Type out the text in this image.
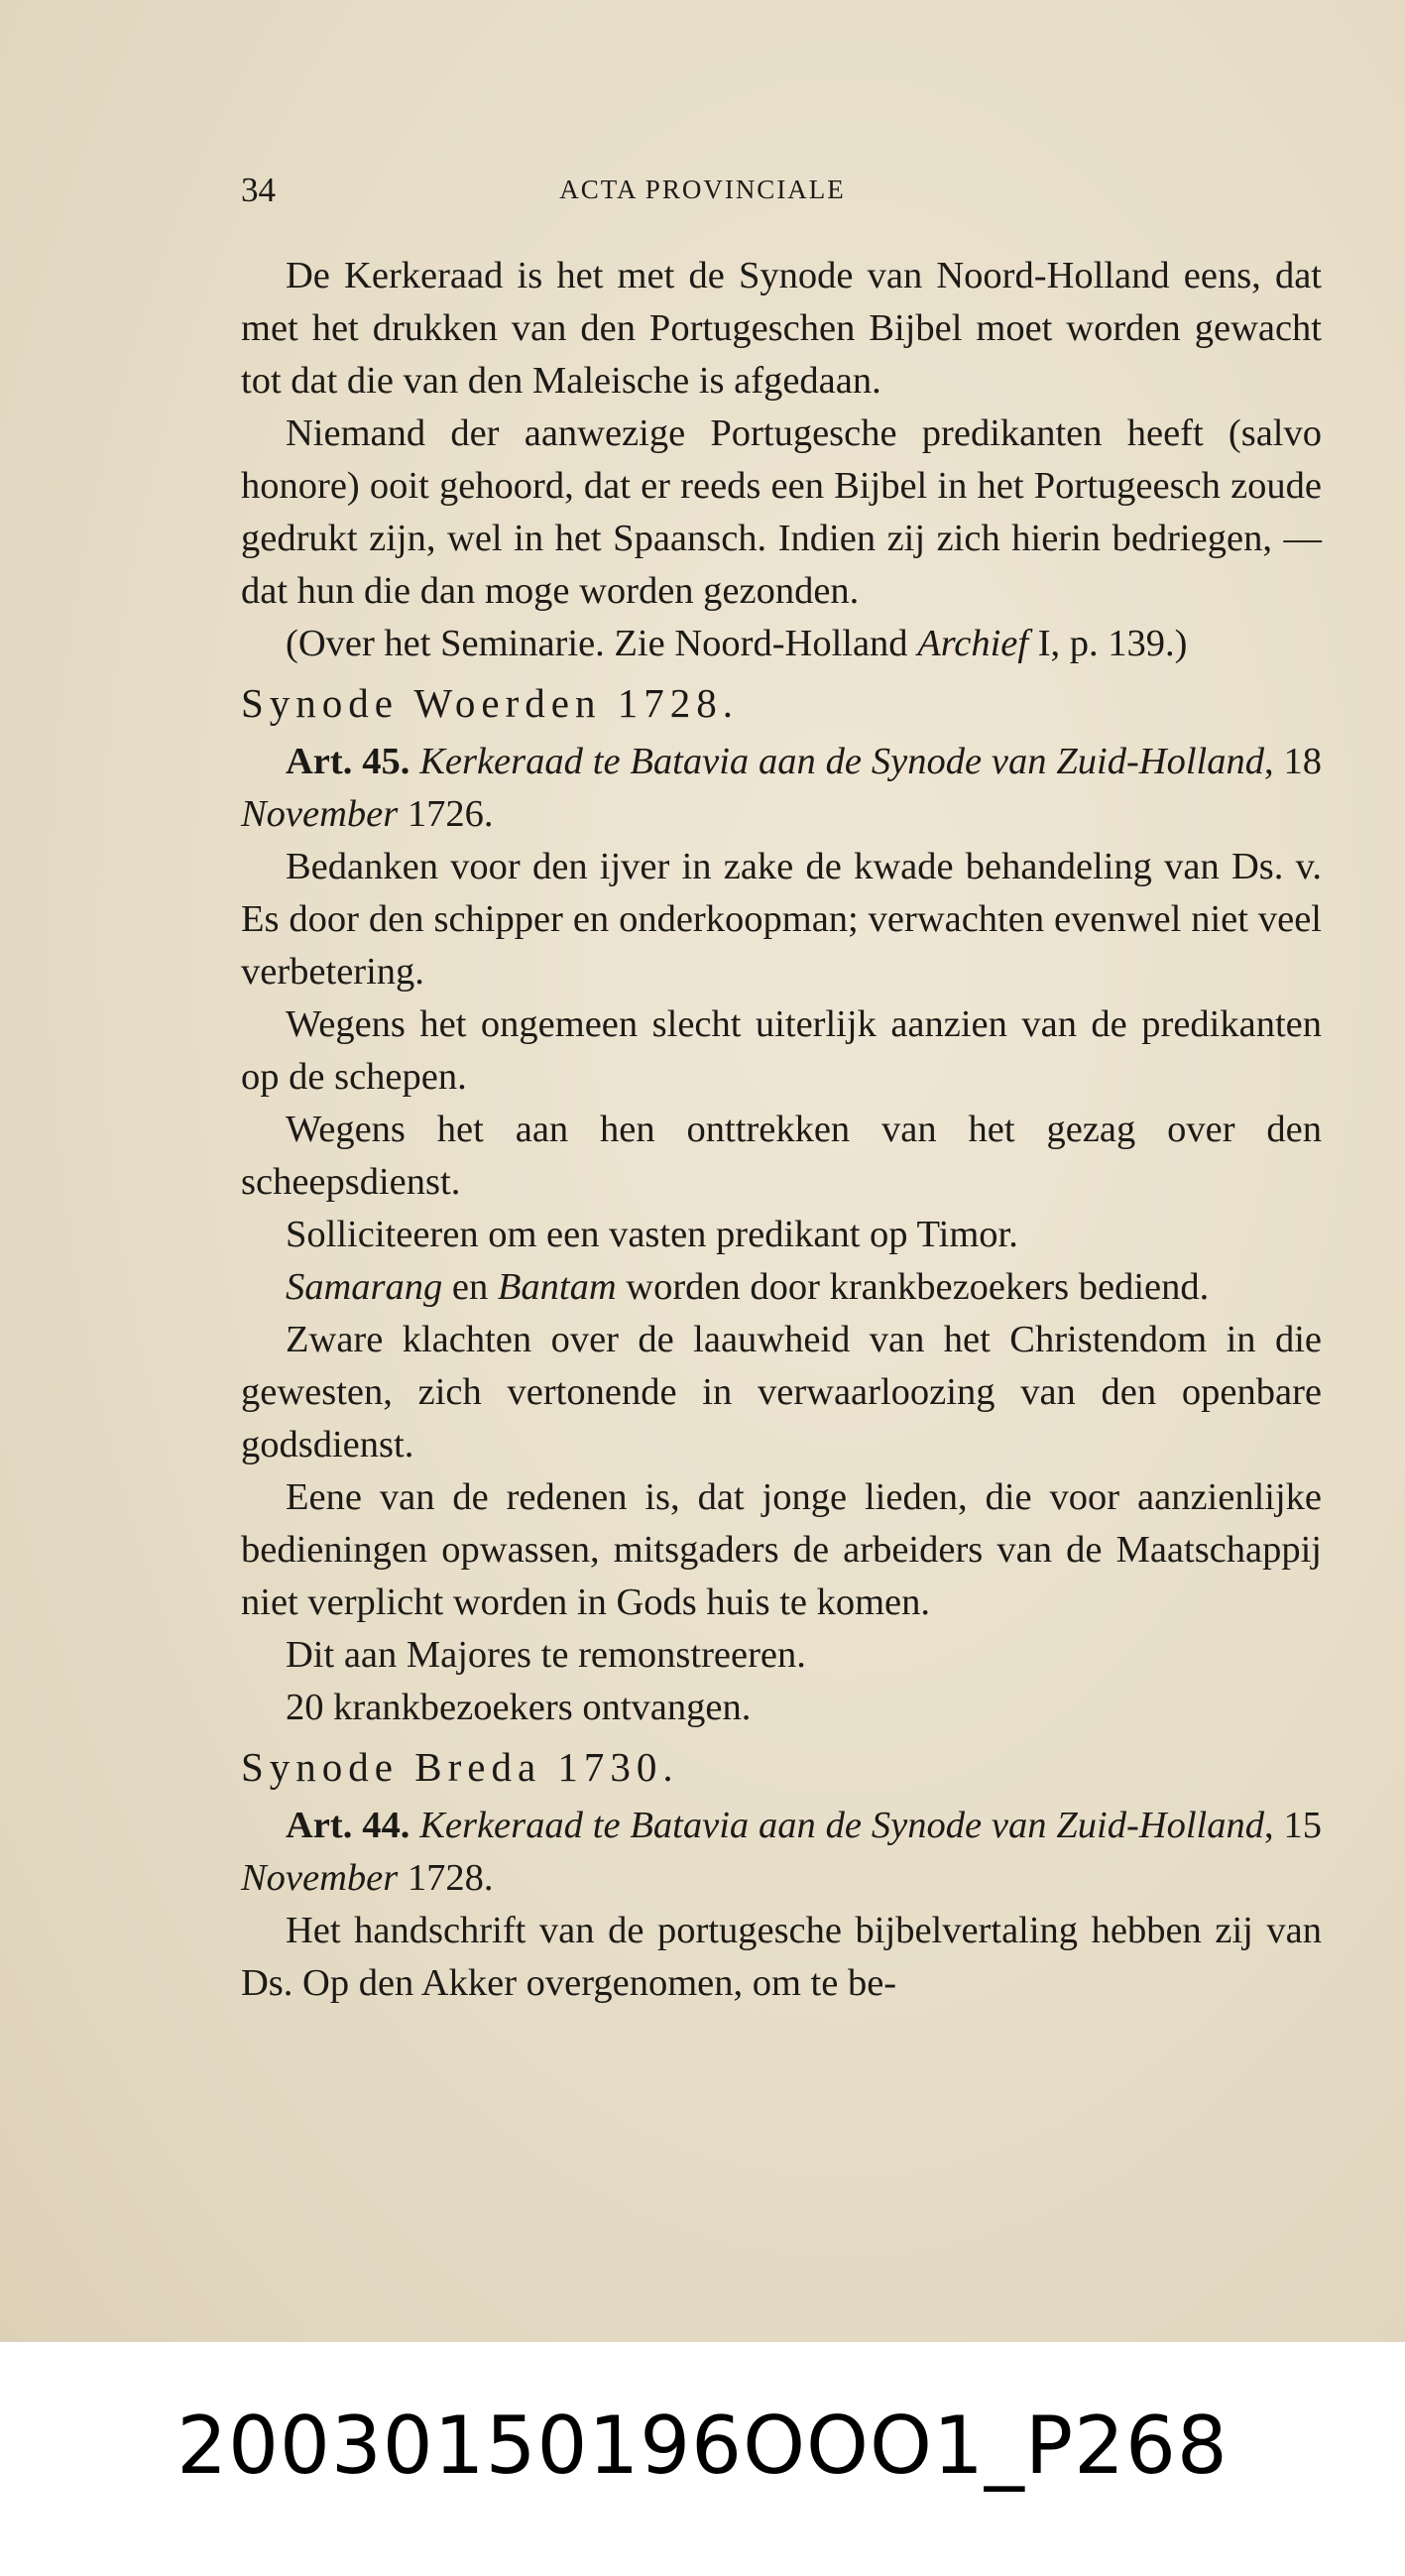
34	ACTA PROVINCIALE

De Kerkeraad is het met de Synode van Noord-Holland eens, dat met het drukken van den Portugeschen Bijbel moet worden gewacht tot dat die van den Maleische is afgedaan.

Niemand der aanwezige Portugesche predikanten heeft (salvo honore) ooit gehoord, dat er reeds een Bijbel in het Portugeesch zoude gedrukt zijn, wel in het Spaansch. Indien zij zich hierin bedriegen, — dat hun die dan moge worden gezonden.

(Over het Seminarie. Zie Noord-Holland Archief I, p. 139.)

Synode Woerden 1728.

Art. 45. Kerkeraad te Batavia aan de Synode van Zuid-Holland, 18 November 1726.

Bedanken voor den ijver in zake de kwade behandeling van Ds. v. Es door den schipper en onderkoopman; verwachten evenwel niet veel verbetering.

Wegens het ongemeen slecht uiterlijk aanzien van de predikanten op de schepen.

Wegens het aan hen onttrekken van het gezag over den scheepsdienst.

Solliciteeren om een vasten predikant op Timor.

Samarang en Bantam worden door krankbezoekers bediend.

Zware klachten over de laauwheid van het Christendom in die gewesten, zich vertonende in verwaarloozing van den openbare godsdienst.

Eene van de redenen is, dat jonge lieden, die voor aanzienlijke bedieningen opwassen, mitsgaders de arbeiders van de Maatschappij niet verplicht worden in Gods huis te komen.

Dit aan Majores te remonstreeren.

20 krankbezoekers ontvangen.

Synode Breda 1730.

Art. 44. Kerkeraad te Batavia aan de Synode van Zuid-Holland, 15 November 1728.

Het handschrift van de portugesche bijbelvertaling hebben zij van Ds. Op den Akker overgenomen, om te be-

20030150196OOO1_P268
